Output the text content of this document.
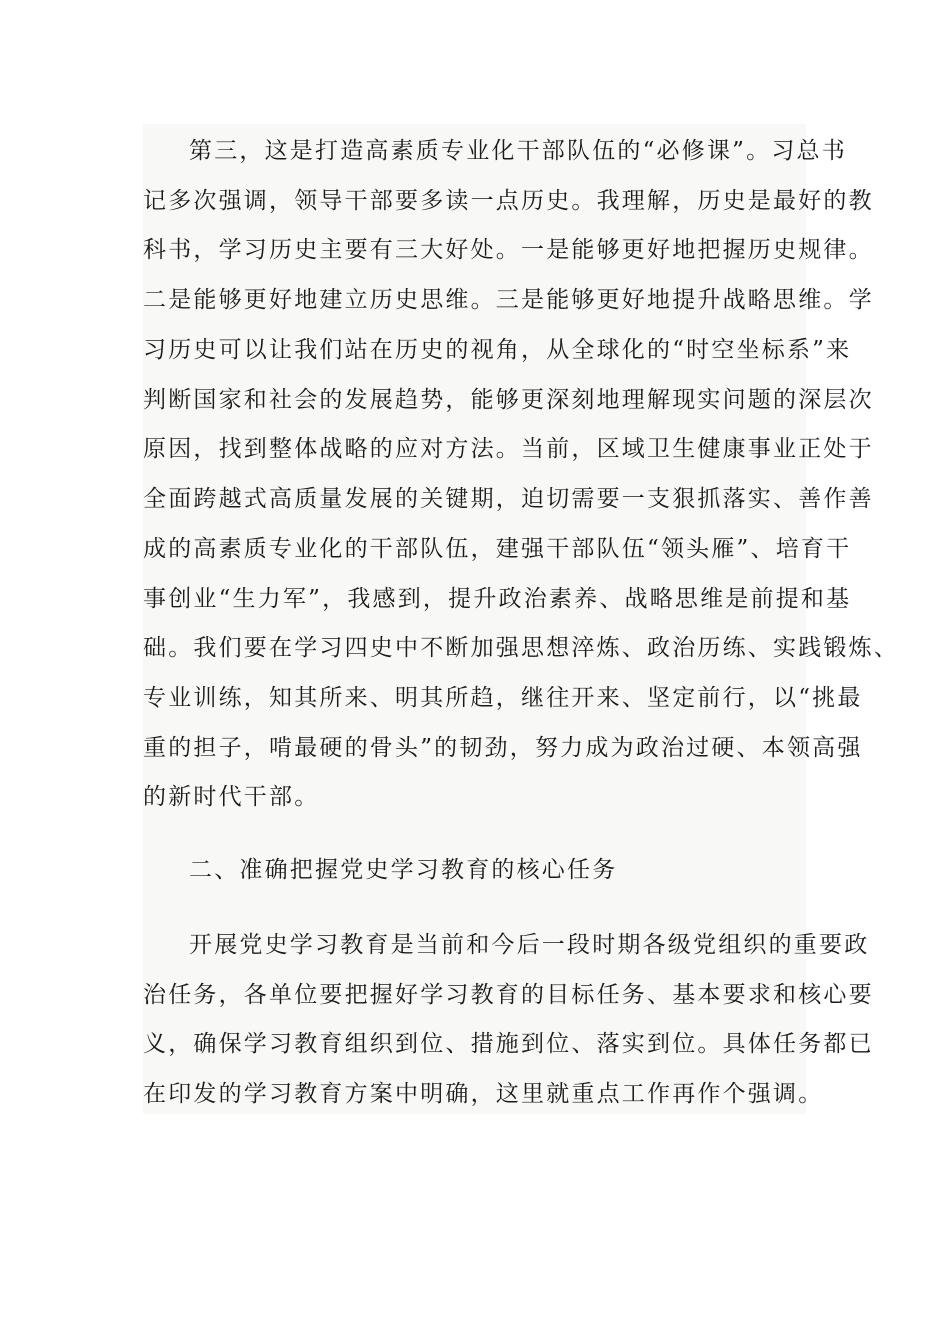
第三，这是打造高素质专业化干部队伍的“必修课”。习总书
记多次强调，领导干部要多读一点历史。我理解，历史是最好的教
科书，学习历史主要有三大好处。一是能够更好地把握历史规律。
二是能够更好地建立历史思维。三是能够更好地提升战略思维。学
习历史可以让我们站在历史的视角，从全球化的“时空坐标系”来
判断国家和社会的发展趋势，能够更深刻地理解现实问题的深层次
原因，找到整体战略的应对方法。当前，区域卫生健康事业正处于
全面跨越式高质量发展的关键期，迫切需要一支狠抓落实、善作善
成的高素质专业化的干部队伍，建强干部队伍“领头雁”、培育干
事创业“生力军”，我感到，提升政治素养、战略思维是前提和基
础。我们要在学习四史中不断加强思想淬炼、政治历练、实践锻炼、
专业训练，知其所来、明其所趋，继往开来、坚定前行，以“挑最
重的担子，啃最硬的骨头”的韧劲，努力成为政治过硬、本领高强
的新时代干部。
二、准确把握党史学习教育的核心任务
开展党史学习教育是当前和今后一段时期各级党组织的重要政
治任务，各单位要把握好学习教育的目标任务、基本要求和核心要
义，确保学习教育组织到位、措施到位、落实到位。具体任务都已
在印发的学习教育方案中明确，这里就重点工作再作个强调。
